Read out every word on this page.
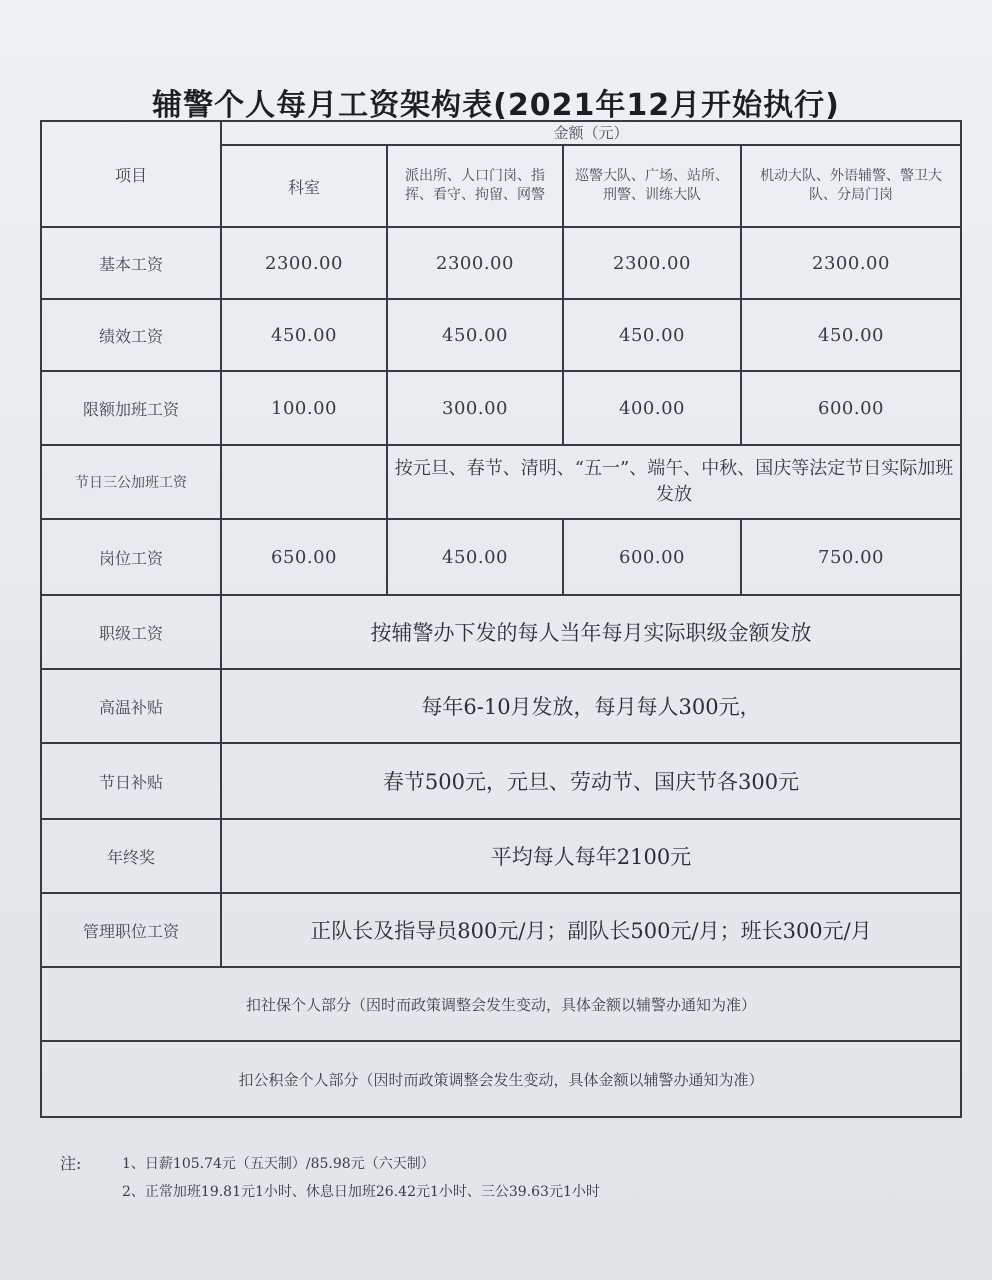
辅警个人每月工资架构表(2021年12月开始执行)
项目	金额（元）			
	科室	派出所、人口门岗、指挥、看守、拘留、网警	巡警大队、广场、站所、刑警、训练大队	机动大队、外语辅警、警卫大队、分局门岗
基本工资	2300.00	2300.00	2300.00	2300.00
绩效工资	450.00	450.00	450.00	450.00
限额加班工资	100.00	300.00	400.00	600.00
节日三公加班工资		按元旦、春节、清明、“五一”、端午、中秋、国庆等法定节日实际加班发放		
岗位工资	650.00	450.00	600.00	750.00
职级工资	按辅警办下发的每人当年每月实际职级金额发放			
高温补贴	每年6-10月发放，每月每人300元，			
节日补贴	春节500元，元旦、劳动节、国庆节各300元			
年终奖	平均每人每年2100元			
管理职位工资	正队长及指导员800元/月；副队长500元/月；班长300元/月			
扣社保个人部分（因时而政策调整会发生变动，具体金额以辅警办通知为准）				
扣公积金个人部分（因时而政策调整会发生变动，具体金额以辅警办通知为准）				
注:	1、日薪105.74元（五天制）/85.98元（六天制）
2、正常加班19.81元1小时、休息日加班26.42元1小时、三公39.63元1小时
